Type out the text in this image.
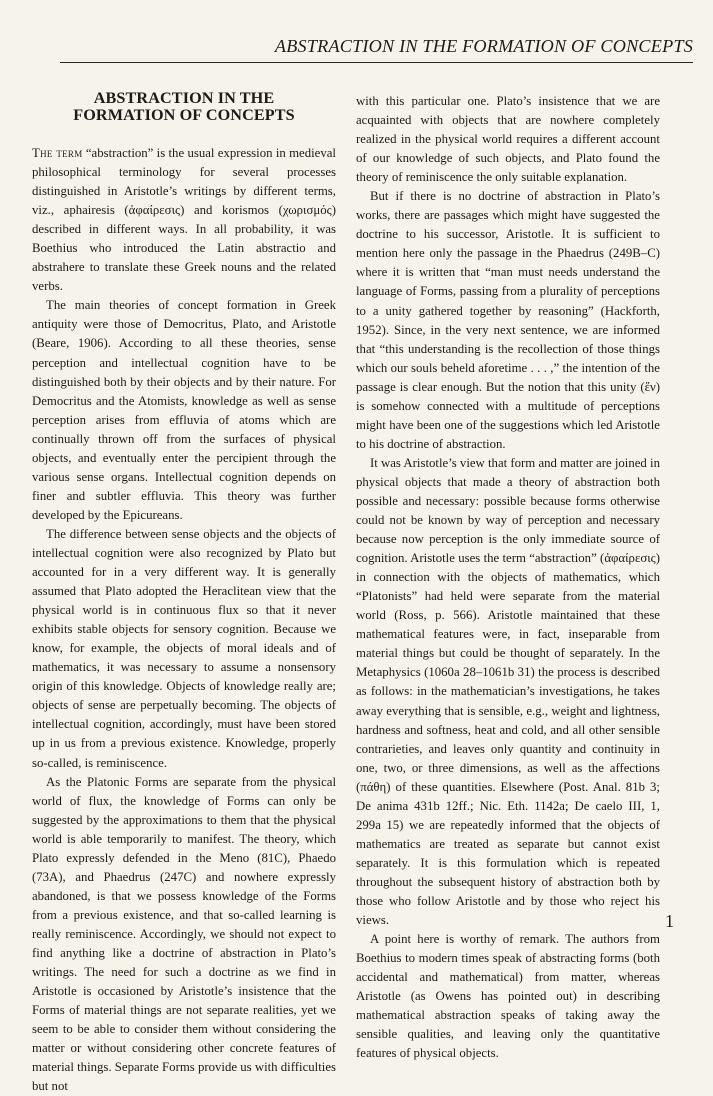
ABSTRACTION IN THE FORMATION OF CONCEPTS
ABSTRACTION IN THE
FORMATION OF CONCEPTS

The term “abstraction” is the usual expression in medieval philosophical terminology for several processes distinguished in Aristotle’s writings by different terms, viz., aphairesis (ἀφαίρεσις) and korismos (χωρισμός) described in different ways. In all probability, it was Boethius who introduced the Latin abstractio and abstrahere to translate these Greek nouns and the related verbs.

The main theories of concept formation in Greek antiquity were those of Democritus, Plato, and Aristotle (Beare, 1906). According to all these theories, sense perception and intellectual cognition have to be distinguished both by their objects and by their nature. For Democritus and the Atomists, knowledge as well as sense perception arises from effluvia of atoms which are continually thrown off from the surfaces of physical objects, and eventually enter the percipient through the various sense organs. Intellectual cognition depends on finer and subtler effluvia. This theory was further developed by the Epicureans.

The difference between sense objects and the objects of intellectual cognition were also recognized by Plato but accounted for in a very different way. It is generally assumed that Plato adopted the Heraclitean view that the physical world is in continuous flux so that it never exhibits stable objects for sensory cognition. Because we know, for example, the objects of moral ideals and of mathematics, it was necessary to assume a nonsensory origin of this knowledge. Objects of knowledge really are; objects of sense are perpetually becoming. The objects of intellectual cognition, accordingly, must have been stored up in us from a previous existence. Knowledge, properly so-called, is reminiscence.

As the Platonic Forms are separate from the physical world of flux, the knowledge of Forms can only be suggested by the approximations to them that the physical world is able temporarily to manifest. The theory, which Plato expressly defended in the Meno (81C), Phaedo (73A), and Phaedrus (247C) and nowhere expressly abandoned, is that we possess knowledge of the Forms from a previous existence, and that so-called learning is really reminiscence. Accordingly, we should not expect to find anything like a doctrine of abstraction in Plato’s writings. The need for such a doctrine as we find in Aristotle is occasioned by Aristotle’s insistence that the Forms of material things are not separate realities, yet we seem to be able to consider them without considering the matter or without considering other concrete features of material things. Separate Forms provide us with difficulties but not

with this particular one. Plato’s insistence that we are acquainted with objects that are nowhere completely realized in the physical world requires a different account of our knowledge of such objects, and Plato found the theory of reminiscence the only suitable explanation.

But if there is no doctrine of abstraction in Plato’s works, there are passages which might have suggested the doctrine to his successor, Aristotle. It is sufficient to mention here only the passage in the Phaedrus (249B–C) where it is written that “man must needs understand the language of Forms, passing from a plurality of perceptions to a unity gathered together by reasoning” (Hackforth, 1952). Since, in the very next sentence, we are informed that “this understanding is the recollection of those things which our souls beheld aforetime . . . ,” the intention of the passage is clear enough. But the notion that this unity (ἕν) is somehow connected with a multitude of perceptions might have been one of the suggestions which led Aristotle to his doctrine of abstraction.

It was Aristotle’s view that form and matter are joined in physical objects that made a theory of abstraction both possible and necessary: possible because forms otherwise could not be known by way of perception and necessary because now perception is the only immediate source of cognition. Aristotle uses the term “abstraction” (ἀφαίρεσις) in connection with the objects of mathematics, which “Platonists” had held were separate from the material world (Ross, p. 566). Aristotle maintained that these mathematical features were, in fact, inseparable from material things but could be thought of separately. In the Metaphysics (1060a 28–1061b 31) the process is described as follows: in the mathematician’s investigations, he takes away everything that is sensible, e.g., weight and lightness, hardness and softness, heat and cold, and all other sensible contrarieties, and leaves only quantity and continuity in one, two, or three dimensions, as well as the affections (πάθη) of these quantities. Elsewhere (Post. Anal. 81b 3; De anima 431b 12ff.; Nic. Eth. 1142a; De caelo III, 1, 299a 15) we are repeatedly informed that the objects of mathematics are treated as separate but cannot exist separately. It is this formulation which is repeated throughout the subsequent history of abstraction both by those who follow Aristotle and by those who reject his views.

A point here is worthy of remark. The authors from Boethius to modern times speak of abstracting forms (both accidental and mathematical) from matter, whereas Aristotle (as Owens has pointed out) in describing mathematical abstraction speaks of taking away the sensible qualities, and leaving only the quantitative features of physical objects.

1
